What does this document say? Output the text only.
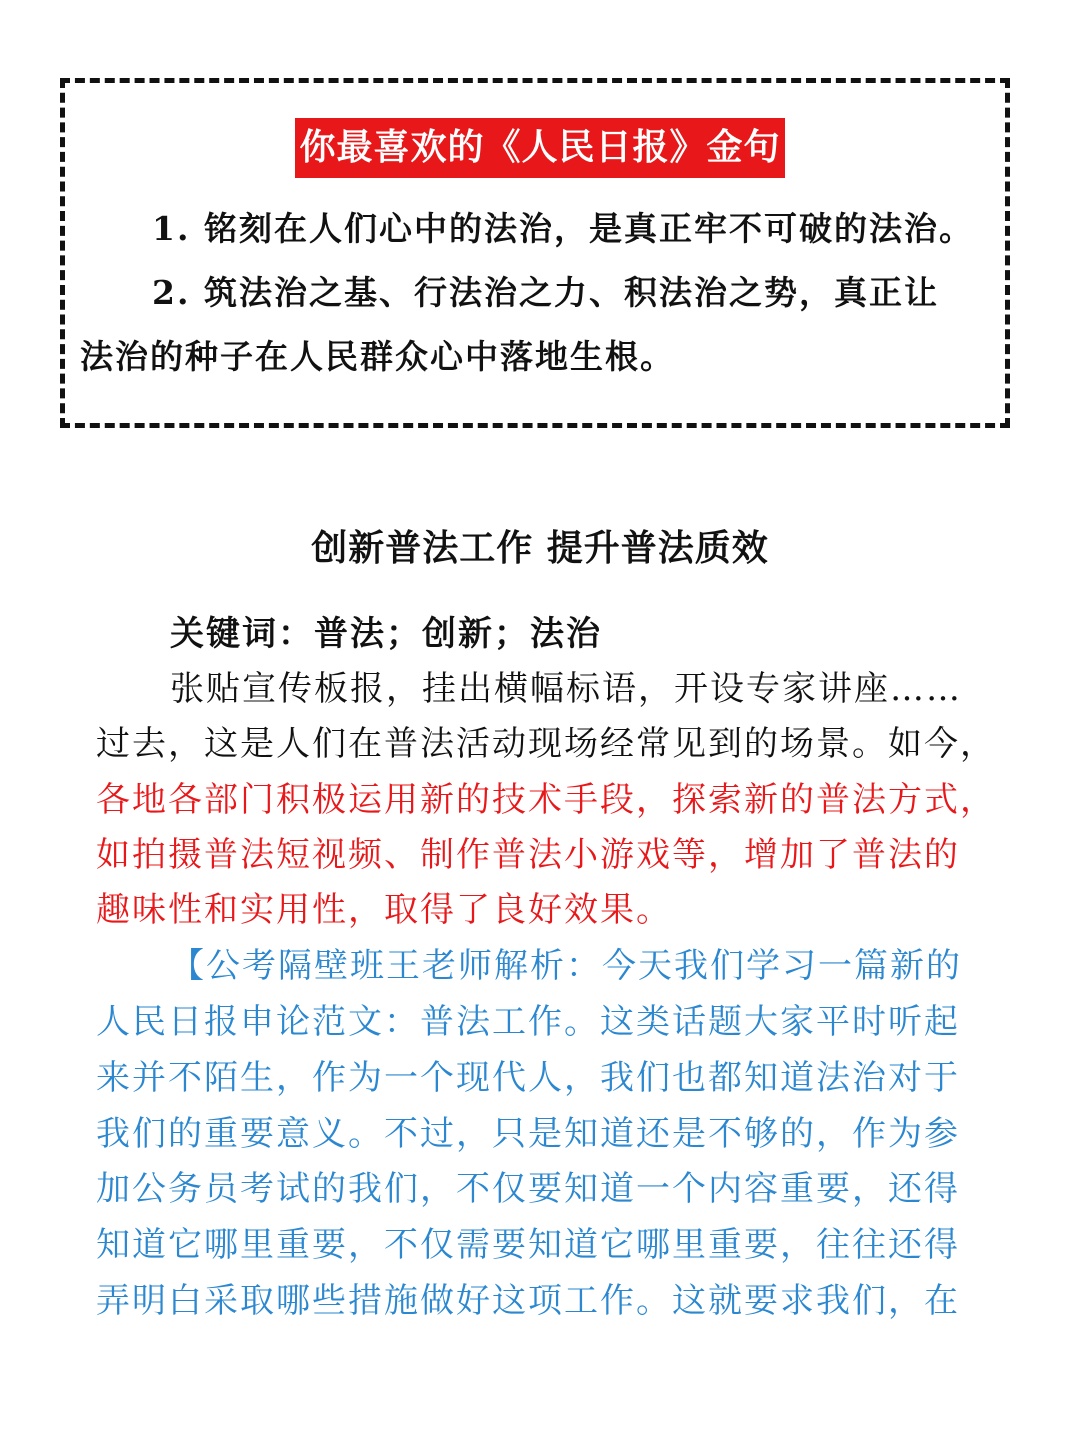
你最喜欢的《人民日报》金句
1. 铭刻在人们心中的法治，是真正牢不可破的法治。
2. 筑法治之基、行法治之力、积法治之势，真正让
法治的种子在人民群众心中落地生根。
创新普法工作 提升普法质效
关键词：普法；创新；法治
张贴宣传板报，挂出横幅标语，开设专家讲座……
过去，这是人们在普法活动现场经常见到的场景。如今，
各地各部门积极运用新的技术手段，探索新的普法方式，
如拍摄普法短视频、制作普法小游戏等，增加了普法的
趣味性和实用性，取得了良好效果。
【公考隔壁班王老师解析：今天我们学习一篇新的
人民日报申论范文：普法工作。这类话题大家平时听起
来并不陌生，作为一个现代人，我们也都知道法治对于
我们的重要意义。不过，只是知道还是不够的，作为参
加公务员考试的我们，不仅要知道一个内容重要，还得
知道它哪里重要，不仅需要知道它哪里重要，往往还得
弄明白采取哪些措施做好这项工作。这就要求我们，在
